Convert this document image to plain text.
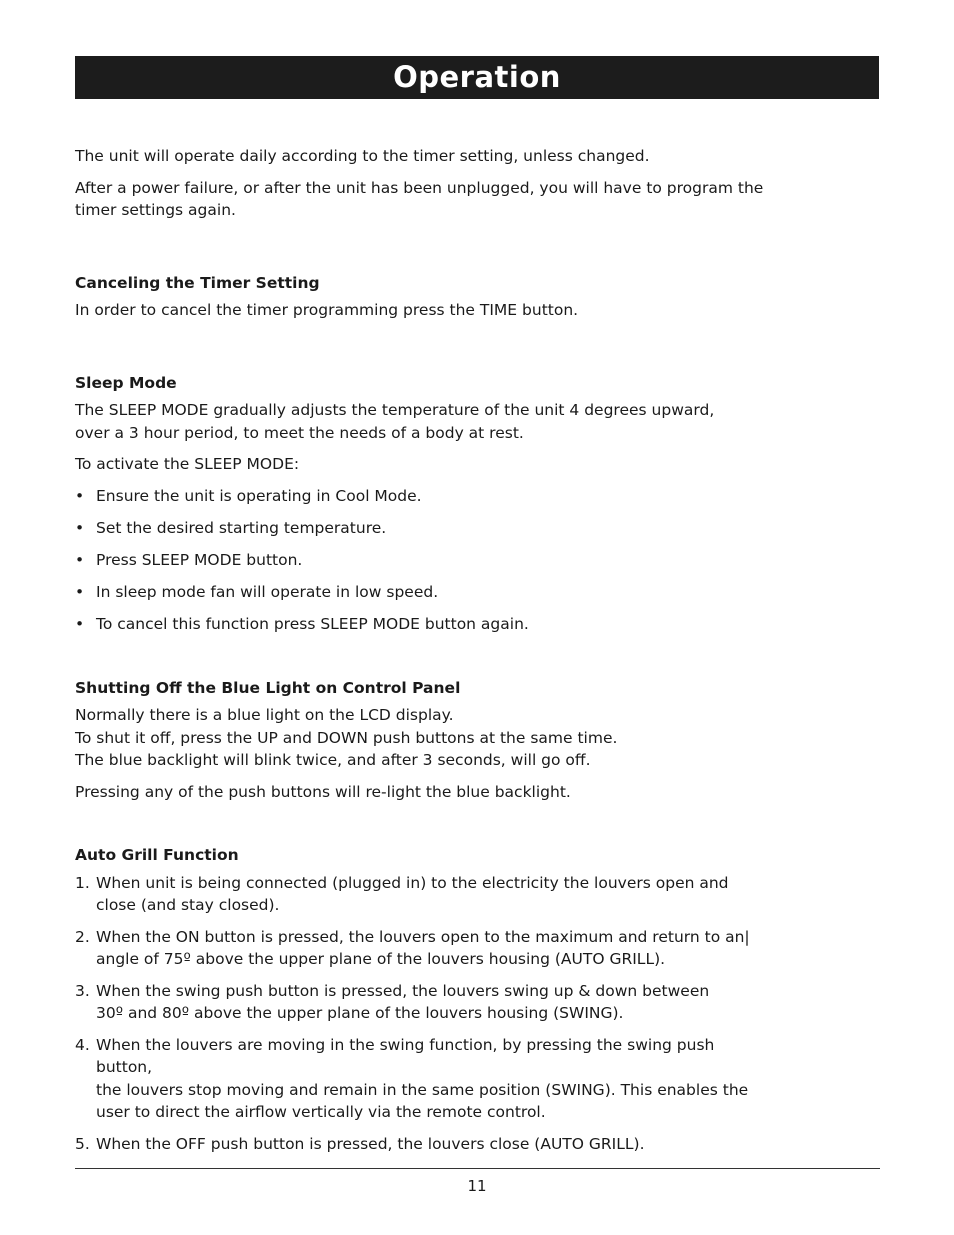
Operation

The unit will operate daily according to the timer setting, unless changed.

After a power failure, or after the unit has been unplugged, you will have to program the
timer settings again.

Canceling the Timer Setting

In order to cancel the timer programming press the TIME button.

Sleep Mode

The SLEEP MODE gradually adjusts the temperature of the unit 4 degrees upward,
over a 3 hour period, to meet the needs of a body at rest.

To activate the SLEEP MODE:

• Ensure the unit is operating in Cool Mode.
• Set the desired starting temperature.
• Press SLEEP MODE button.
• In sleep mode fan will operate in low speed.
• To cancel this function press SLEEP MODE button again.
Shutting Off the Blue Light on Control Panel

Normally there is a blue light on the LCD display.
To shut it off, press the UP and DOWN push buttons at the same time.
The blue backlight will blink twice, and after 3 seconds, will go off.

Pressing any of the push buttons will re-light the blue backlight.

Auto Grill Function
1. When unit is being connected (plugged in) to the electricity the louvers open and
close (and stay closed).
2. When the ON button is pressed, the louvers open to the maximum and return to an|
angle of 75º above the upper plane of the louvers housing (AUTO GRILL).
3. When the swing push button is pressed, the louvers swing up & down between
30º and 80º above the upper plane of the louvers housing (SWING).
4. When the louvers are moving in the swing function, by pressing the swing push button,
the louvers stop moving and remain in the same position (SWING). This enables the
user to direct the airflow vertically via the remote control.
5. When the OFF push button is pressed, the louvers close (AUTO GRILL).
11
